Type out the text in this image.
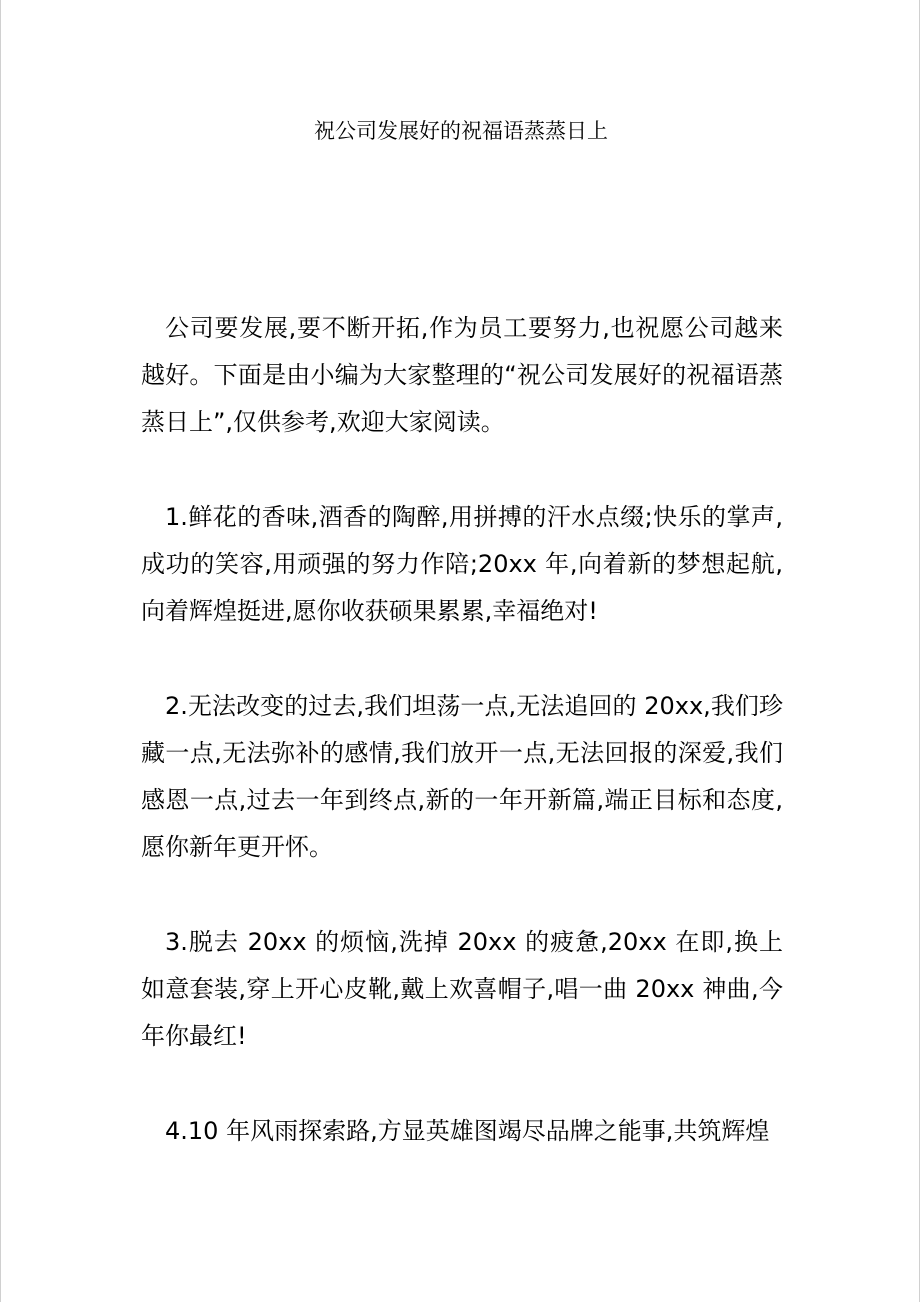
祝公司发展好的祝福语蒸蒸日上

公司要发展,要不断开拓,作为员工要努力,也祝愿公司越来越好。下面是由小编为大家整理的“祝公司发展好的祝福语蒸蒸日上”,仅供参考,欢迎大家阅读。

1.鲜花的香味,酒香的陶醉,用拼搏的汗水点缀;快乐的掌声,成功的笑容,用顽强的努力作陪;20xx 年,向着新的梦想起航,向着辉煌挺进,愿你收获硕果累累,幸福绝对!

2.无法改变的过去,我们坦荡一点,无法追回的 20xx,我们珍藏一点,无法弥补的感情,我们放开一点,无法回报的深爱,我们感恩一点,过去一年到终点,新的一年开新篇,端正目标和态度,愿你新年更开怀。

3.脱去 20xx 的烦恼,洗掉 20xx 的疲惫,20xx 在即,换上如意套装,穿上开心皮靴,戴上欢喜帽子,唱一曲 20xx 神曲,今年你最红!

4.10 年风雨探索路,方显英雄图竭尽品牌之能事,共筑辉煌
